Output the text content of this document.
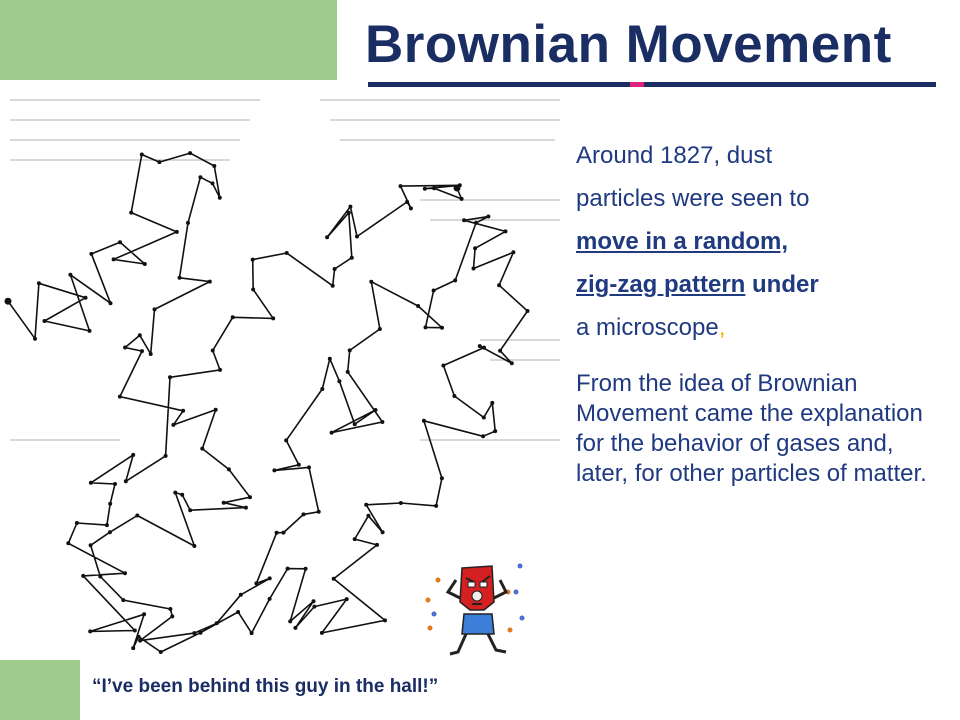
Brownian Movement

Around 1827, dust
particles were seen to
move in a random,
zig-zag pattern under
a microscope,

From the idea of Brownian Movement came the explanation for the behavior of gases and, later, for other particles of matter.

“I’ve been behind this guy in the hall!”
